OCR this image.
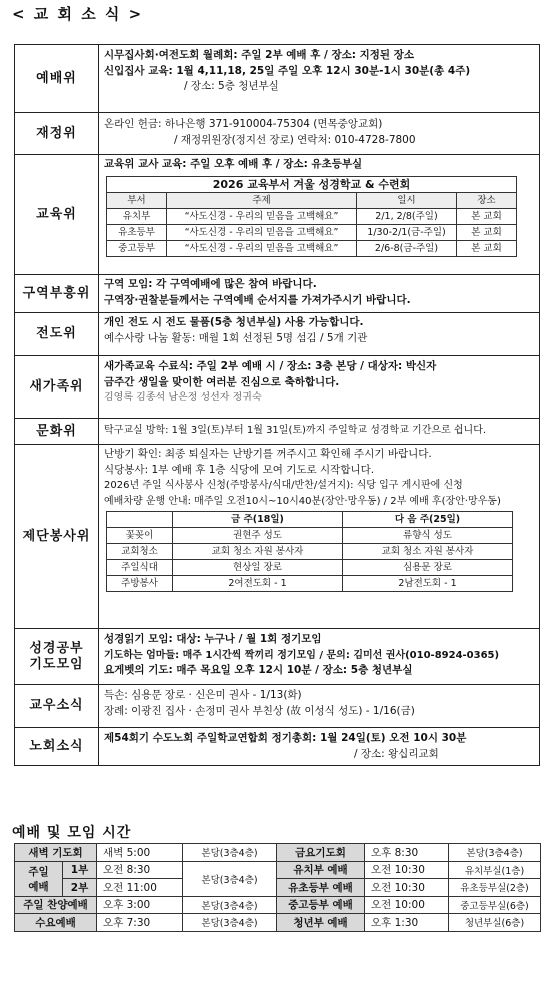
< 교 회 소 식 >
예배위	
시무집사회·여전도회 월례회: 주일 2부 예배 후 / 장소: 지정된 장소
신입집사 교육: 1월 4,11,18, 25일 주일 오후 12시 30분-1시 30분(총 4주)
/ 장소: 5층 청년부실

재정위	
온라인 헌금: 하나은행 371-910004-75304 (면목중앙교회)
/ 재정위원장(정지선 장로) 연락처: 010-4728-7800

교육위	
교육위 교사 교육: 주일 오후 예배 후 / 장소: 유초등부실
2026 교육부서 겨울 성경학교 & 수련회
부서	주제	일시	장소
유치부	“사도신경 - 우리의 믿음을 고백해요”	2/1, 2/8(주일)	본 교회
유초등부	“사도신경 - 우리의 믿음을 고백해요”	1/30-2/1(금-주일)	본 교회
중고등부	“사도신경 - 우리의 믿음을 고백해요”	2/6-8(금-주일)	본 교회

구역부흥위	
구역 모임: 각 구역예배에 많은 참여 바랍니다.
구역장·권찰분들께서는 구역예배 순서지를 가져가주시기 바랍니다.

전도위	
개인 전도 시 전도 물품(5층 청년부실) 사용 가능합니다.
예수사랑 나눔 활동: 매월 1회 선정된 5명 섬김 / 5개 기관

새가족위	
새가족교육 수료식: 주일 2부 예배 시 / 장소: 3층 본당 / 대상자: 박신자
금주간 생일을 맞이한 여러분 진심으로 축하합니다.
김영록 김종석 남은정 성선자 정귀숙

문화위	탁구교실 방학: 1월 3일(토)부터 1월 31일(토)까지 주일학교 성경학교 기간으로 쉽니다.

제단봉사위	
난방기 확인: 최종 퇴실자는 난방기를 꺼주시고 확인해 주시기 바랍니다.
식당봉사: 1부 예배 후 1층 식당에 모여 기도로 시작합니다.
2026년 주일 식사봉사 신청(주방봉사/식대/반찬/설거지): 식당 입구 게시판에 신청
예배차량 운행 안내: 매주일 오전10시~10시40분(장안·망우동) / 2부 예배 후(장안·망우동)
	금 주(18일)	다 음 주(25일)
꽃꽂이	권현주 성도	류향식 성도
교회청소	교회 청소 자원 봉사자	교회 청소 자원 봉사자
주일식대	현상일 장로	심용문 장로
주방봉사	2여전도회 - 1	2남전도회 - 1

성경공부
기도모임

성경읽기 모임: 대상: 누구나 / 월 1회 정기모임
기도하는 엄마들: 매주 1시간씩 짝끼리 정기모임 / 문의: 김미선 권사(010-8924-0365)
요게벳의 기도: 매주 목요일 오후 12시 10분 / 장소: 5층 청년부실

교우소식	
득손: 심용문 장로 · 신은미 권사 - 1/13(화)
장례: 이광진 집사 · 손정미 권사 부친상 (故 이성식 성도) - 1/16(금)

노회소식	
제54회기 수도노회 주일학교연합회 정기총회: 1월 24일(토) 오전 10시 30분
/ 장소: 왕십리교회
예배 및 모임 시간
새벽 기도회		새벽 5:00	본당(3층4층)	금요기도회	오후 8:30	본당(3층4층)

주일
예배	1부	오전 8:30	본당(3층4층)	유치부 예배	오전 10:30	유치부실(1층)
	2부	오전 11:00		유초등부 예배	오전 10:30	유초등부실(2층)
주일 찬양예배		오후 3:00	본당(3층4층)	중고등부 예배	오전 10:00	중고등부실(6층)
수요예배		오후 7:30	본당(3층4층)	청년부 예배	오후 1:30	청년부실(6층)
